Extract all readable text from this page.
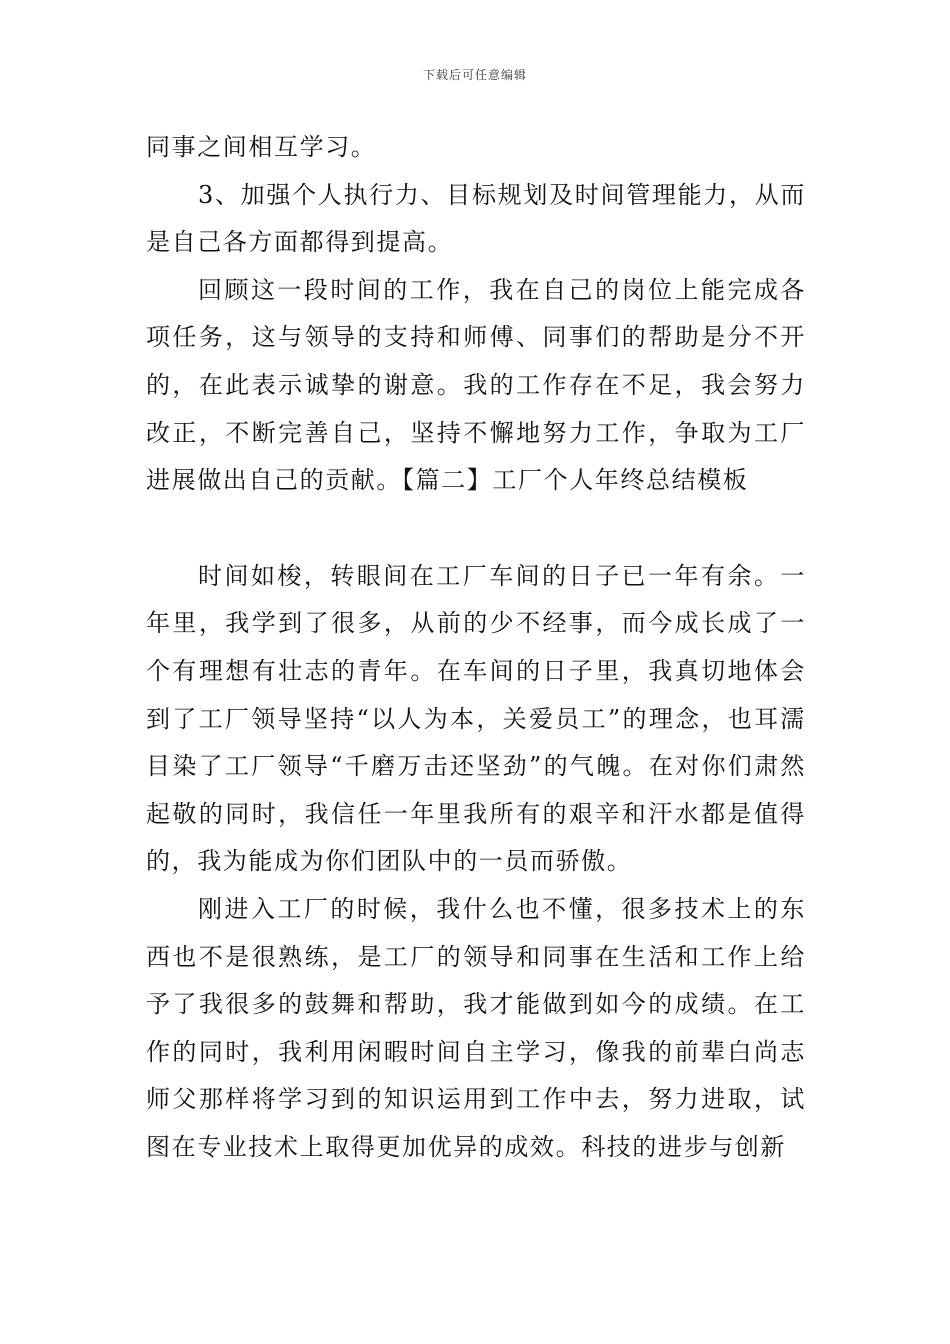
下载后可任意编辑

同事之间相互学习。

3、加强个人执行力、目标规划及时间管理能力，从而是自己各方面都得到提高。

回顾这一段时间的工作，我在自己的岗位上能完成各项任务，这与领导的支持和师傅、同事们的帮助是分不开的，在此表示诚挚的谢意。我的工作存在不足，我会努力改正，不断完善自己，坚持不懈地努力工作，争取为工厂进展做出自己的贡献。【篇二】工厂个人年终总结模板

时间如梭，转眼间在工厂车间的日子已一年有余。一年里，我学到了很多，从前的少不经事，而今成长成了一个有理想有壮志的青年。在车间的日子里，我真切地体会到了工厂领导坚持“以人为本，关爱员工”的理念，也耳濡目染了工厂领导“千磨万击还坚劲”的气魄。在对你们肃然起敬的同时，我信任一年里我所有的艰辛和汗水都是值得的，我为能成为你们团队中的一员而骄傲。

刚进入工厂的时候，我什么也不懂，很多技术上的东西也不是很熟练，是工厂的领导和同事在生活和工作上给予了我很多的鼓舞和帮助，我才能做到如今的成绩。在工作的同时，我利用闲暇时间自主学习，像我的前辈白尚志师父那样将学习到的知识运用到工作中去，努力进取，试图在专业技术上取得更加优异的成效。科技的进步与创新
